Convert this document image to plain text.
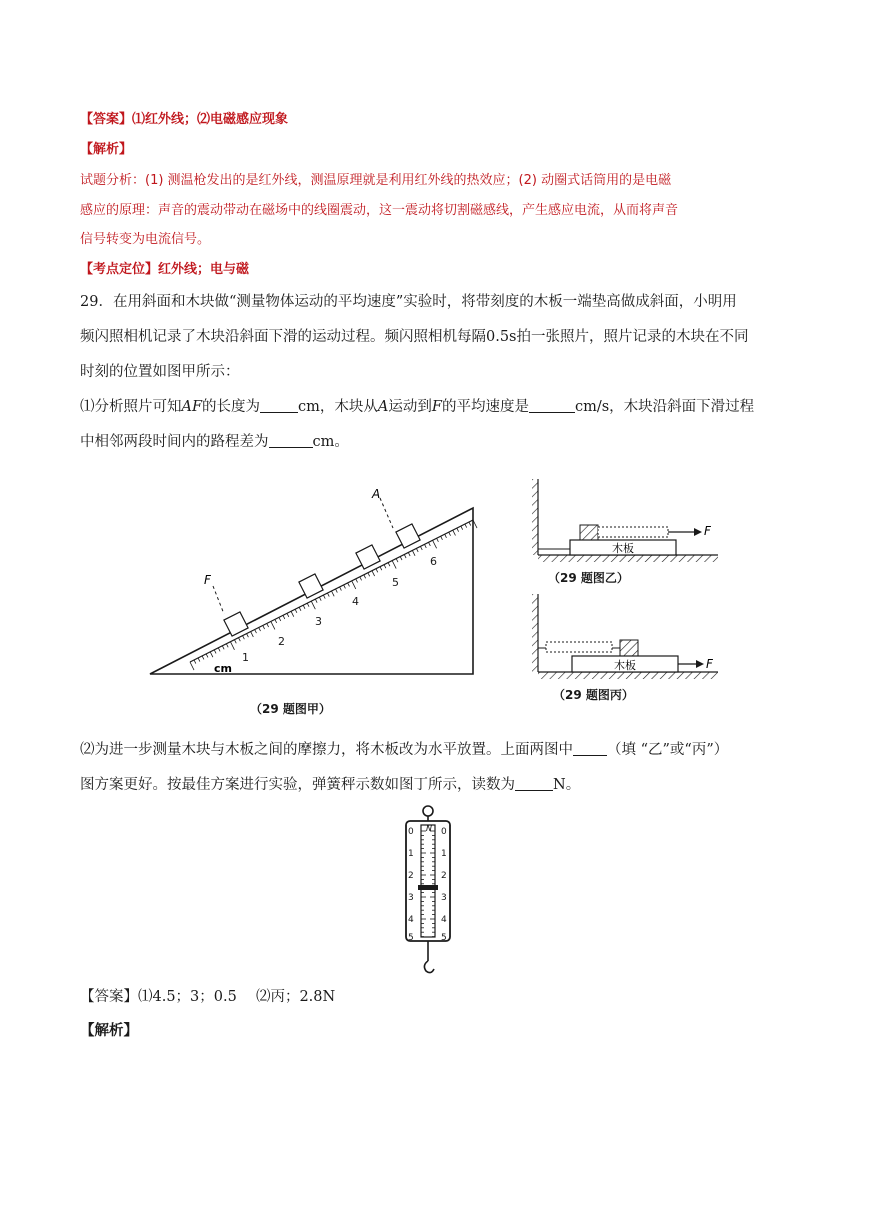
【答案】⑴红外线；⑵电磁感应现象
【解析】
试题分析：(1) 测温枪发出的是红外线，测温原理就是利用红外线的热效应；(2) 动圈式话筒用的是电磁
感应的原理：声音的震动带动在磁场中的线圈震动，这一震动将切割磁感线，产生感应电流，从而将声音
信号转变为电流信号。
【考点定位】红外线；电与磁
29．在用斜面和木块做“测量物体运动的平均速度”实验时，将带刻度的木板一端垫高做成斜面，小明用
频闪照相机记录了木块沿斜面下滑的运动过程。频闪照相机每隔0.5s拍一张照片，照片记录的木块在不同
时刻的位置如图甲所示：
⑴分析照片可知AF的长度为	cm，木块从A运动到F的平均速度是	cm/s，木块沿斜面下滑过程
中相邻两段时间内的路程差为	cm。
F
A
cm
1
2
3
4
5
6
（29 题图甲）
木板
F
（29 题图乙）
木板	F
（29 题图丙）
⑵为进一步测量木块与木板之间的摩擦力，将木板改为水平放置。上面两图中 （填 “乙”或“丙”）
图方案更好。按最佳方案进行实验，弹簧秤示数如图丁所示，读数为	N。
N
0
1
2
3
4
5
0
1
2
3
4
5
【答案】⑴4.5；3；0.5　 ⑵丙；2.8N
【解析】
